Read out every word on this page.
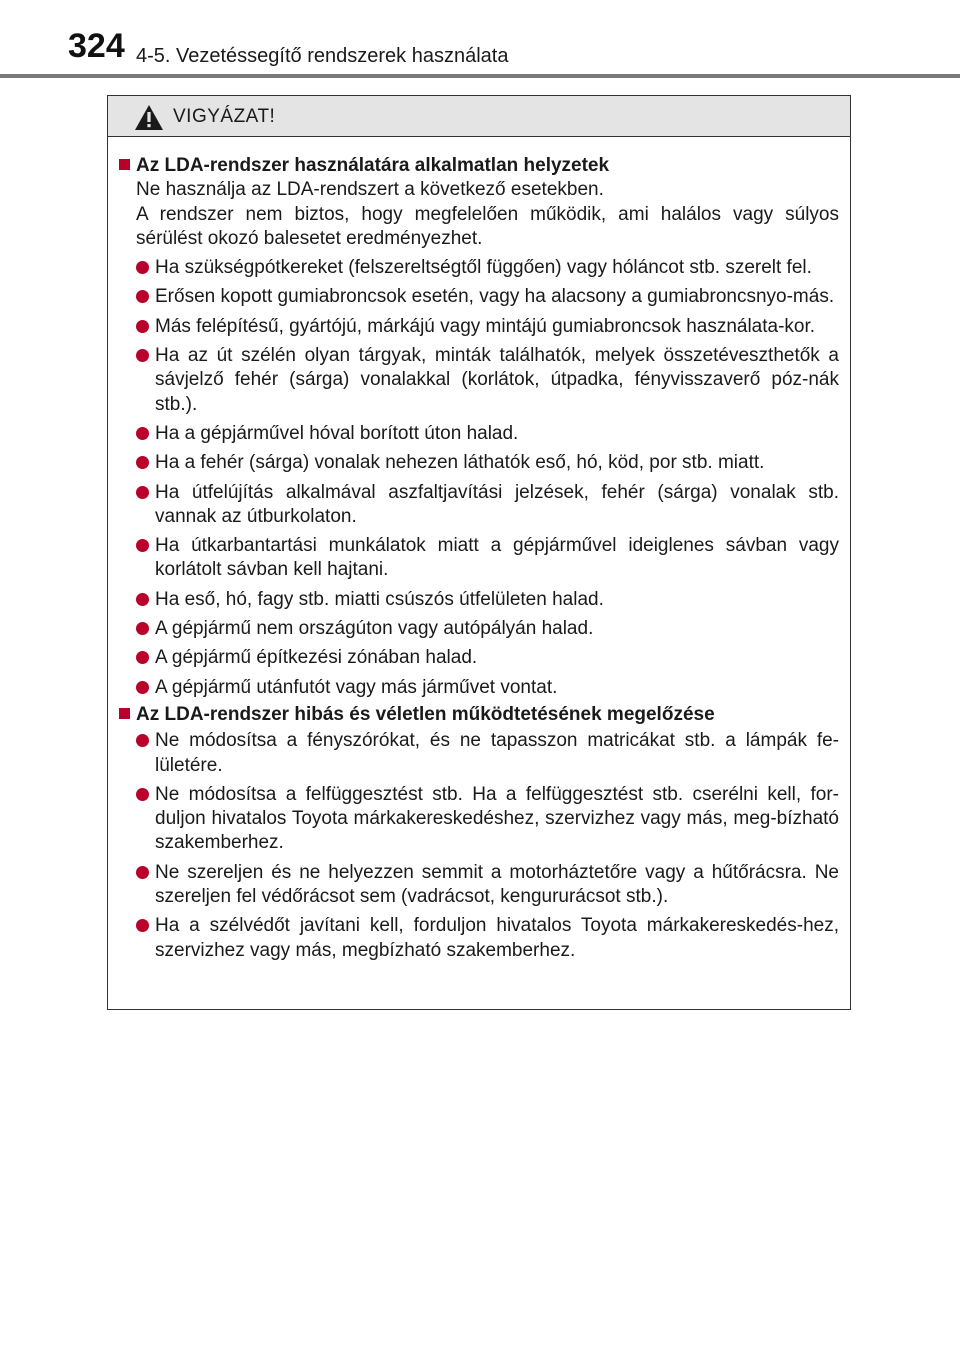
324 4-5. Vezetéssegítő rendszerek használata
VIGYÁZAT!
Az LDA-rendszer használatára alkalmatlan helyzetek
Ne használja az LDA-rendszert a következő esetekben.
A rendszer nem biztos, hogy megfelelően működik, ami halálos vagy súlyos sérülést okozó balesetet eredményezhet.
Ha szükségpótkereket (felszereltségtől függően) vagy hóláncot stb. szerelt fel.
Erősen kopott gumiabroncsok esetén, vagy ha alacsony a gumiabroncsnyo-más.
Más felépítésű, gyártójú, márkájú vagy mintájú gumiabroncsok használata-kor.
Ha az út szélén olyan tárgyak, minták találhatók, melyek összetéveszthetők a sávjelző fehér (sárga) vonalakkal (korlátok, útpadka, fényvisszaverő póz-nák stb.).
Ha a gépjárművel hóval borított úton halad.
Ha a fehér (sárga) vonalak nehezen láthatók eső, hó, köd, por stb. miatt.
Ha útfelújítás alkalmával aszfaltjavítási jelzések, fehér (sárga) vonalak stb. vannak az útburkolaton.
Ha útkarbantartási munkálatok miatt a gépjárművel ideiglenes sávban vagy korlátolt sávban kell hajtani.
Ha eső, hó, fagy stb. miatti csúszós útfelületen halad.
A gépjármű nem országúton vagy autópályán halad.
A gépjármű építkezési zónában halad.
A gépjármű utánfutót vagy más járművet vontat.
Az LDA-rendszer hibás és véletlen működtetésének megelőzése
Ne módosítsa a fényszórókat, és ne tapasszon matricákat stb. a lámpák fe-lületére.
Ne módosítsa a felfüggesztést stb. Ha a felfüggesztést stb. cserélni kell, for-duljon hivatalos Toyota márkakereskedéshez, szervizhez vagy más, meg-bízható szakemberhez.
Ne szereljen és ne helyezzen semmit a motorháztetőre vagy a hűtőrácsra. Ne szereljen fel védőrácsot sem (vadrácsot, kengururácsot stb.).
Ha a szélvédőt javítani kell, forduljon hivatalos Toyota márkakereskedés-hez, szervizhez vagy más, megbízható szakemberhez.
